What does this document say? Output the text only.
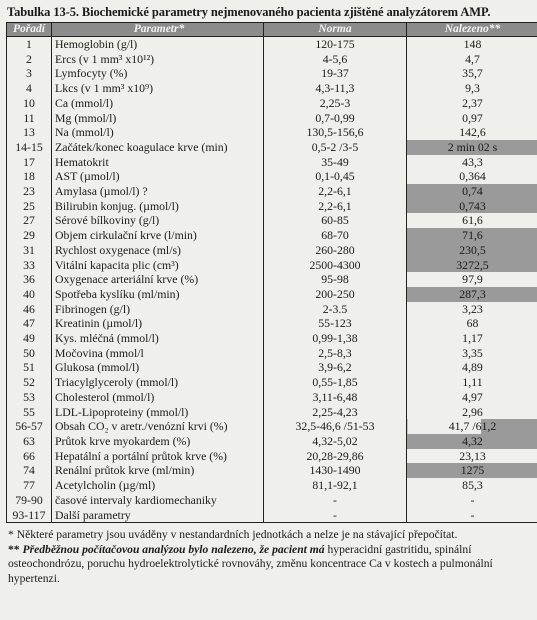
Tabulka 13-5. Biochemické parametry nejmenovaného pacienta zjištěné analyzátorem AMP.
Pořadí	Parametr*	Norma	Nalezeno**
1	Hemoglobin (g/l)	120-175	148
2	Ercs (v 1 mm³ x10¹²)	4-5,6	4,7
3	Lymfocyty (%)	19-37	35,7
4	Lkcs (v 1 mm³ x10⁹)	4,3-11,3	9,3
10	Ca (mmol/l)	2,25-3	2,37
11	Mg (mmol/l)	0,7-0,99	0,97
13	Na (mmol/l)	130,5-156,6	142,6
14-15	Začátek/konec koagulace krve (min)	0,5-2 /3-5	2 min 02 s
17	Hematokrit	35-49	43,3
18	AST (µmol/l)	0,1-0,45	0,364
23	Amylasa (µmol/l) ?	2,2-6,1	0,74
25	Bilirubin konjug. (µmol/l)	2,2-6,1	0,743
27	Sérové bílkoviny (g/l)	60-85	61,6
29	Objem cirkulační krve (l/min)	68-70	71,6
31	Rychlost oxygenace (ml/s)	260-280	230,5
33	Vitální kapacita plic (cm³)	2500-4300	3272,5
36	Oxygenace arteriální krve (%)	95-98	97,9
40	Spotřeba kyslíku (ml/min)	200-250	287,3
46	Fibrinogen (g/l)	2-3.5	3,23
47	Kreatinin (µmol/l)	55-123	68
49	Kys. mléčná (mmol/l)	0,99-1,38	1,17
50	Močovina (mmol/l	2,5-8,3	3,35
51	Glukosa (mmol/l)	3,9-6,2	4,89
52	Triacylglyceroly (mmol/l)	0,55-1,85	1,11
53	Cholesterol (mmol/l)	3,11-6,48	4,97
55	LDL-Lipoproteiny (mmol/l)	2,25-4,23	2,96
56-57	Obsah CO₂ v aretr./venózní krvi (%)	32,5-46,6 /51-53	41,7 /61,2
63	Průtok krve myokardem (%)	4,32-5,02	4,32
66	Hepatální a portální průtok krve (%)	20,28-29,86	23,13
74	Renální průtok krve (ml/min)	1430-1490	1275
77	Acetylcholin (µg/ml)	81,1-92,1	85,3
79-90	časové intervaly kardiomechaniky	-	-
93-117	Další parametry	-	-

* Některé parametry jsou uváděny v nestandardních jednotkách a nelze je na stávající přepočítat.

** Předběžnou počítačovou analýzou bylo nalezeno, že pacient má hyperacidní gastritidu, spinální osteochondrózu, poruchu hydroelektrolytické rovnováhy, změnu koncentrace Ca v kostech a pulmonální hypertenzi.
